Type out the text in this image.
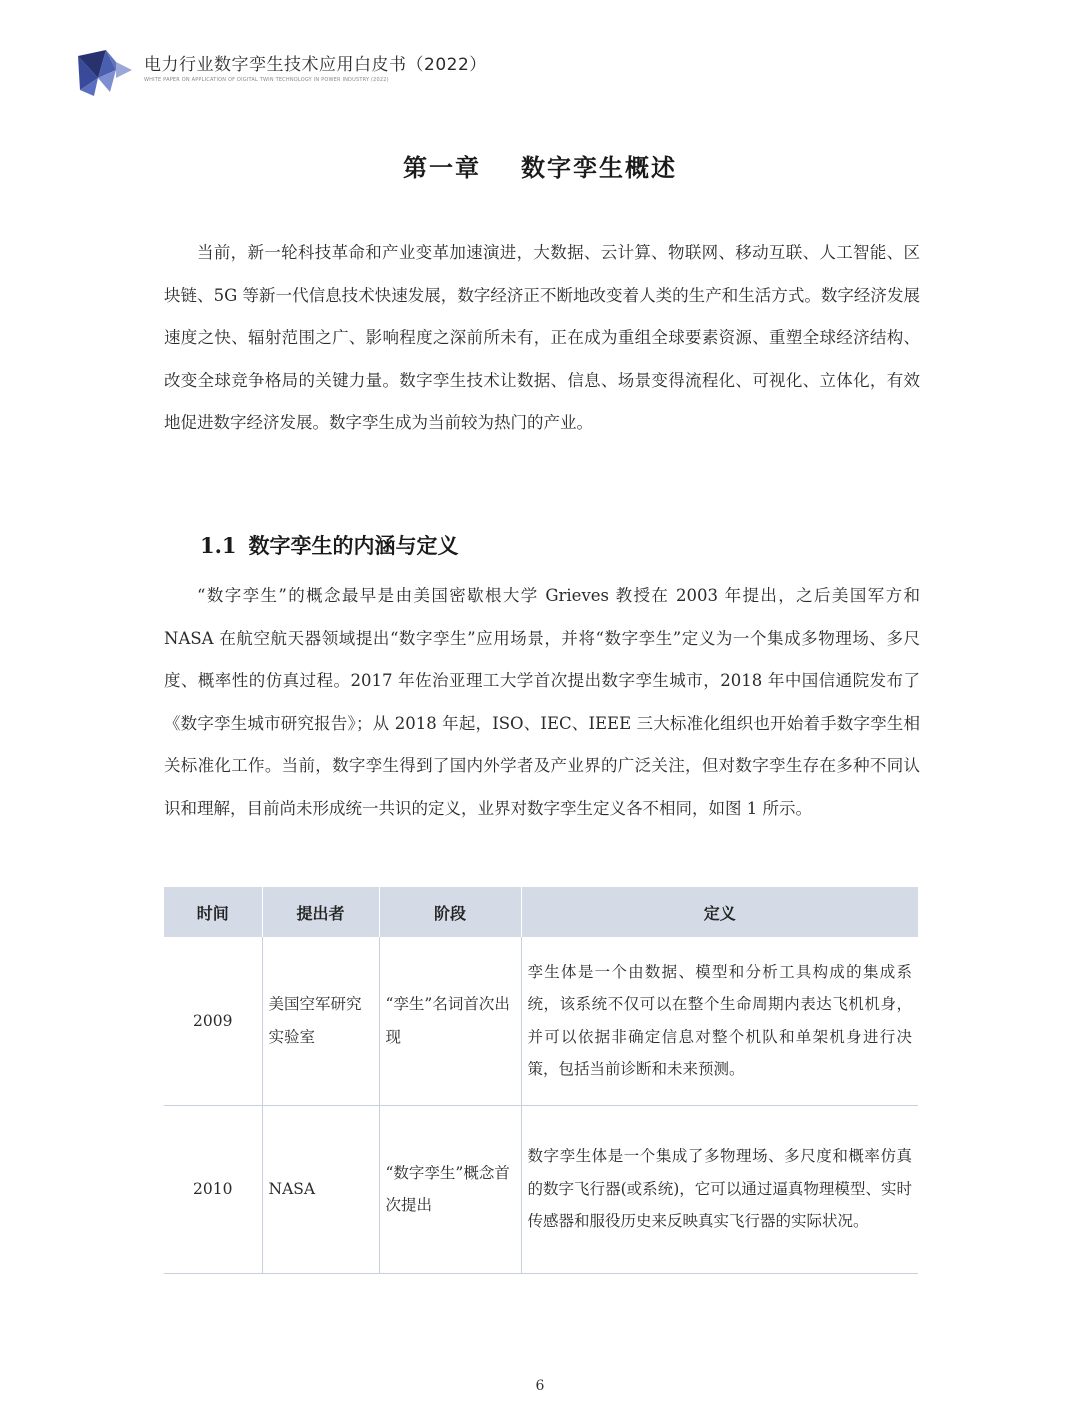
电力行业数字孪生技术应用白皮书（2022）
WHITE PAPER ON APPLICATION OF DIGITAL TWIN TECHNOLOGY IN POWER INDUSTRY (2022)
第一章 数字孪生概述

当前，新一轮科技革命和产业变革加速演进，大数据、云计算、物联网、移动互联、人工智能、区块链、5G 等新一代信息技术快速发展，数字经济正不断地改变着人类的生产和生活方式。数字经济发展速度之快、辐射范围之广、影响程度之深前所未有，正在成为重组全球要素资源、重塑全球经济结构、改变全球竞争格局的关键力量。数字孪生技术让数据、信息、场景变得流程化、可视化、立体化，有效地促进数字经济发展。数字孪生成为当前较为热门的产业。

1.1 数字孪生的内涵与定义

“数字孪生”的概念最早是由美国密歇根大学 Grieves 教授在 2003 年提出，之后美国军方和 NASA 在航空航天器领域提出“数字孪生”应用场景，并将“数字孪生”定义为一个集成多物理场、多尺度、概率性的仿真过程。2017 年佐治亚理工大学首次提出数字孪生城市，2018 年中国信通院发布了《数字孪生城市研究报告》；从 2018 年起，ISO、IEC、IEEE 三大标准化组织也开始着手数字孪生相关标准化工作。当前，数字孪生得到了国内外学者及产业界的广泛关注，但对数字孪生存在多种不同认识和理解，目前尚未形成统一共识的定义，业界对数字孪生定义各不相同，如图 1 所示。

时间	提出者	阶段	定义
2009	美国空军研究实验室	“孪生”名词首次出现	孪生体是一个由数据、模型和分析工具构成的集成系统，该系统不仅可以在整个生命周期内表达飞机机身，并可以依据非确定信息对整个机队和单架机身进行决策，包括当前诊断和未来预测。
2010	NASA	“数字孪生”概念首次提出	数字孪生体是一个集成了多物理场、多尺度和概率仿真的数字飞行器(或系统)，它可以通过逼真物理模型、实时传感器和服役历史来反映真实飞行器的实际状况。
6
